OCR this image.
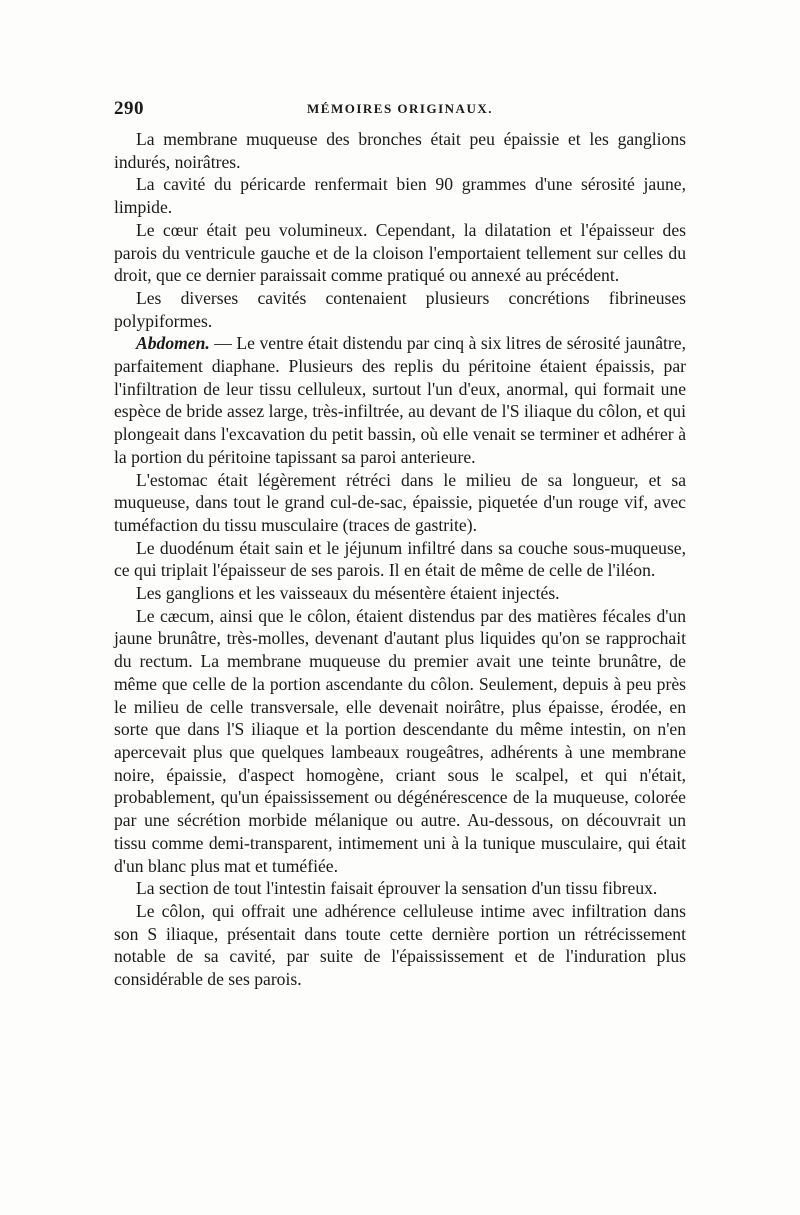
290	MÉMOIRES ORIGINAUX.

La membrane muqueuse des bronches était peu épaissie et les ganglions indurés, noirâtres.

La cavité du péricarde renfermait bien 90 grammes d'une sérosité jaune, limpide.

Le cœur était peu volumineux. Cependant, la dilatation et l'épaisseur des parois du ventricule gauche et de la cloison l'emportaient tellement sur celles du droit, que ce dernier paraissait comme pratiqué ou annexé au précédent.

Les diverses cavités contenaient plusieurs concrétions fibrineuses polypiformes.

Abdomen. — Le ventre était distendu par cinq à six litres de sérosité jaunâtre, parfaitement diaphane. Plusieurs des replis du péritoine étaient épaissis, par l'infiltration de leur tissu celluleux, surtout l'un d'eux, anormal, qui formait une espèce de bride assez large, très-infiltrée, au devant de l'S iliaque du côlon, et qui plongeait dans l'excavation du petit bassin, où elle venait se terminer et adhérer à la portion du péritoine tapissant sa paroi anterieure.

L'estomac était légèrement rétréci dans le milieu de sa longueur, et sa muqueuse, dans tout le grand cul-de-sac, épaissie, piquetée d'un rouge vif, avec tuméfaction du tissu musculaire (traces de gastrite).

Le duodénum était sain et le jéjunum infiltré dans sa couche sous-muqueuse, ce qui triplait l'épaisseur de ses parois. Il en était de même de celle de l'iléon.

Les ganglions et les vaisseaux du mésentère étaient injectés.

Le cæcum, ainsi que le côlon, étaient distendus par des matières fécales d'un jaune brunâtre, très-molles, devenant d'autant plus liquides qu'on se rapprochait du rectum. La membrane muqueuse du premier avait une teinte brunâtre, de même que celle de la portion ascendante du côlon. Seulement, depuis à peu près le milieu de celle transversale, elle devenait noirâtre, plus épaisse, érodée, en sorte que dans l'S iliaque et la portion descendante du même intestin, on n'en apercevait plus que quelques lambeaux rougeâtres, adhérents à une membrane noire, épaissie, d'aspect homogène, criant sous le scalpel, et qui n'était, probablement, qu'un épaississement ou dégénérescence de la muqueuse, colorée par une sécrétion morbide mélanique ou autre. Au-dessous, on découvrait un tissu comme demi-transparent, intimement uni à la tunique musculaire, qui était d'un blanc plus mat et tuméfiée.

La section de tout l'intestin faisait éprouver la sensation d'un tissu fibreux.

Le côlon, qui offrait une adhérence celluleuse intime avec infiltration dans son S iliaque, présentait dans toute cette dernière portion un rétrécissement notable de sa cavité, par suite de l'épaississement et de l'induration plus considérable de ses parois.
